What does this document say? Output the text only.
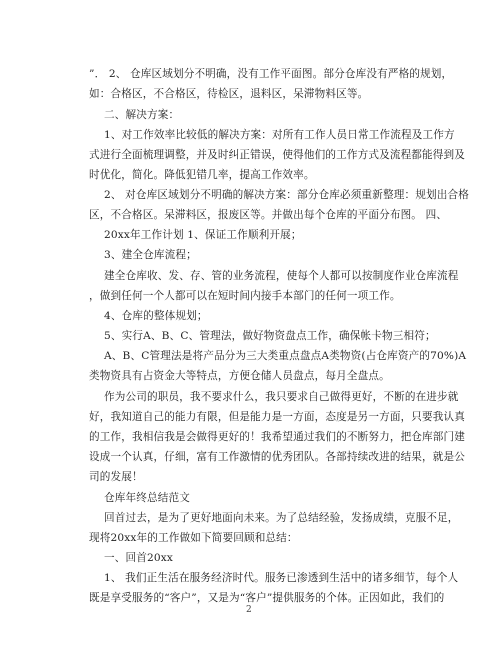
”． 2、 仓库区域划分不明确，没有工作平面图。部分仓库没有严格的规划，
如：合格区，不合格区，待检区，退料区，呆滞物料区等。
二、解决方案：
1、对工作效率比较低的解决方案：对所有工作人员日常工作流程及工作方
式进行全面梳理调整，并及时纠正错误，使得他们的工作方式及流程都能得到及
时优化，简化。降低犯错几率，提高工作效率。
2、 对仓库区域划分不明确的解决方案：部分仓库必须重新整理：规划出合格
区，不合格区。呆滞料区，报废区等。并做出每个仓库的平面分布图。 四、
20xx年工作计划 1、保证工作顺利开展；
3、建全仓库流程；
建全仓库收、发、存、管的业务流程，使每个人都可以按制度作业仓库流程
，做到任何一个人都可以在短时间内接手本部门的任何一项工作。
4、仓库的整体规划；
5、实行A、B、C、管理法，做好物资盘点工作，确保帐卡物三相符；
A、B、C管理法是将产品分为三大类重点盘点A类物资(占仓库资产的70%)A
类物资具有占资金大等特点，方便仓储人员盘点，每月全盘点。
作为公司的职员，我不要求什么，我只要求自己做得更好，不断的在进步就
好，我知道自己的能力有限，但是能力是一方面，态度是另一方面，只要我认真
的工作，我相信我是会做得更好的！我希望通过我们的不断努力，把仓库部门建
设成一个认真，仔细，富有工作激情的优秀团队。各部持续改进的结果，就是公
司的发展！
仓库年终总结范文
回首过去，是为了更好地面向未来。为了总结经验，发扬成绩，克服不足，
现将20xx年的工作做如下简要回顾和总结：
一、回首20xx
1、 我们正生活在服务经济时代。服务已渗透到生活中的诸多细节，每个人
既是享受服务的“客户”，又是为“客户”提供服务的个体。正因如此，我们的
2
